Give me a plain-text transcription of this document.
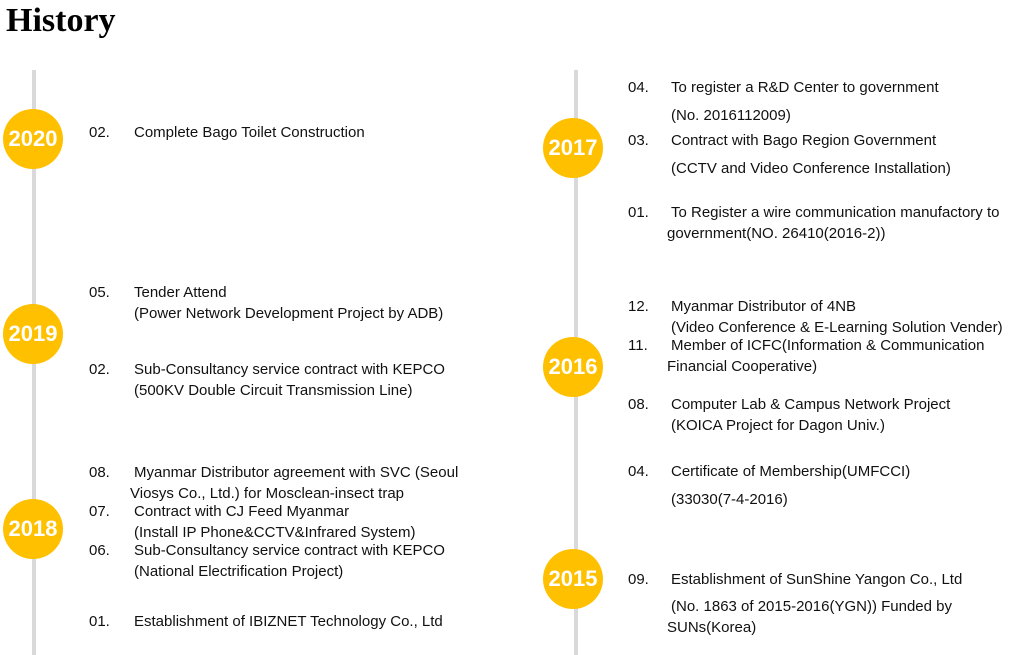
History
2020
2019
2018
2017
2016
2015
02. Complete Bago Toilet Construction
05. Tender Attend
(Power Network Development Project by ADB)
02. Sub-Consultancy service contract with KEPCO
(500KV Double Circuit Transmission Line)
08. Myanmar Distributor agreement with SVC (Seoul
Viosys Co., Ltd.) for Mosclean-insect trap
07. Contract with CJ Feed Myanmar
(Install IP Phone&CCTV&Infrared System)
06. Sub-Consultancy service contract with KEPCO
(National Electrification Project)
01. Establishment of IBIZNET Technology Co., Ltd
04. To register a R&D Center to government
(No. 2016112009)
03. Contract with Bago Region Government
(CCTV and Video Conference Installation)
01. To Register a wire communication manufactory to
government(NO. 26410(2016-2))
12. Myanmar Distributor of 4NB
(Video Conference & E-Learning Solution Vender)
11. Member of ICFC(Information & Communication
Financial Cooperative)
08. Computer Lab & Campus Network Project
(KOICA Project for Dagon Univ.)
04. Certificate of Membership(UMFCCI)
(33030(7-4-2016)
09. Establishment of SunShine Yangon Co., Ltd
(No. 1863 of 2015-2016(YGN)) Funded by
SUNs(Korea)
